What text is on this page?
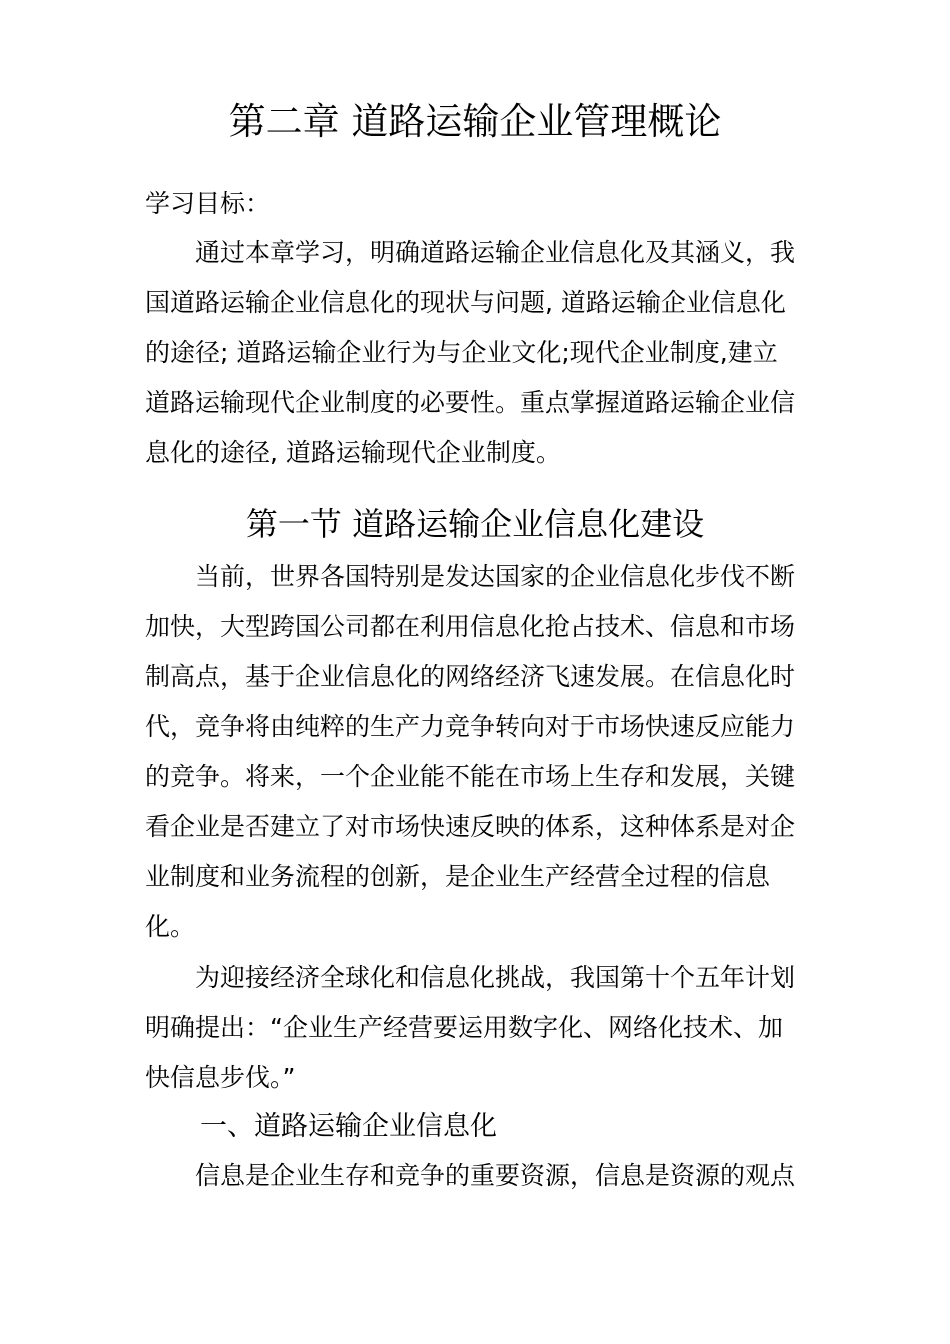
第二章 道路运输企业管理概论

学习目标：

通过本章学习，明确道路运输企业信息化及其涵义，我
国道路运输企业信息化的现状与问题, 道路运输企业信息化
的途径; 道路运输企业行为与企业文化;现代企业制度,建立
道路运输现代企业制度的必要性。重点掌握道路运输企业信
息化的途径, 道路运输现代企业制度。
第一节 道路运输企业信息化建设
当前，世界各国特别是发达国家的企业信息化步伐不断
加快，大型跨国公司都在利用信息化抢占技术、信息和市场
制高点，基于企业信息化的网络经济飞速发展。在信息化时
代，竞争将由纯粹的生产力竞争转向对于市场快速反应能力
的竞争。将来，一个企业能不能在市场上生存和发展，关键
看企业是否建立了对市场快速反映的体系，这种体系是对企
业制度和业务流程的创新，是企业生产经营全过程的信息
化。
为迎接经济全球化和信息化挑战，我国第十个五年计划
明确提出：“企业生产经营要运用数字化、网络化技术、加
快信息步伐。”
一、道路运输企业信息化
信息是企业生存和竞争的重要资源，信息是资源的观点
